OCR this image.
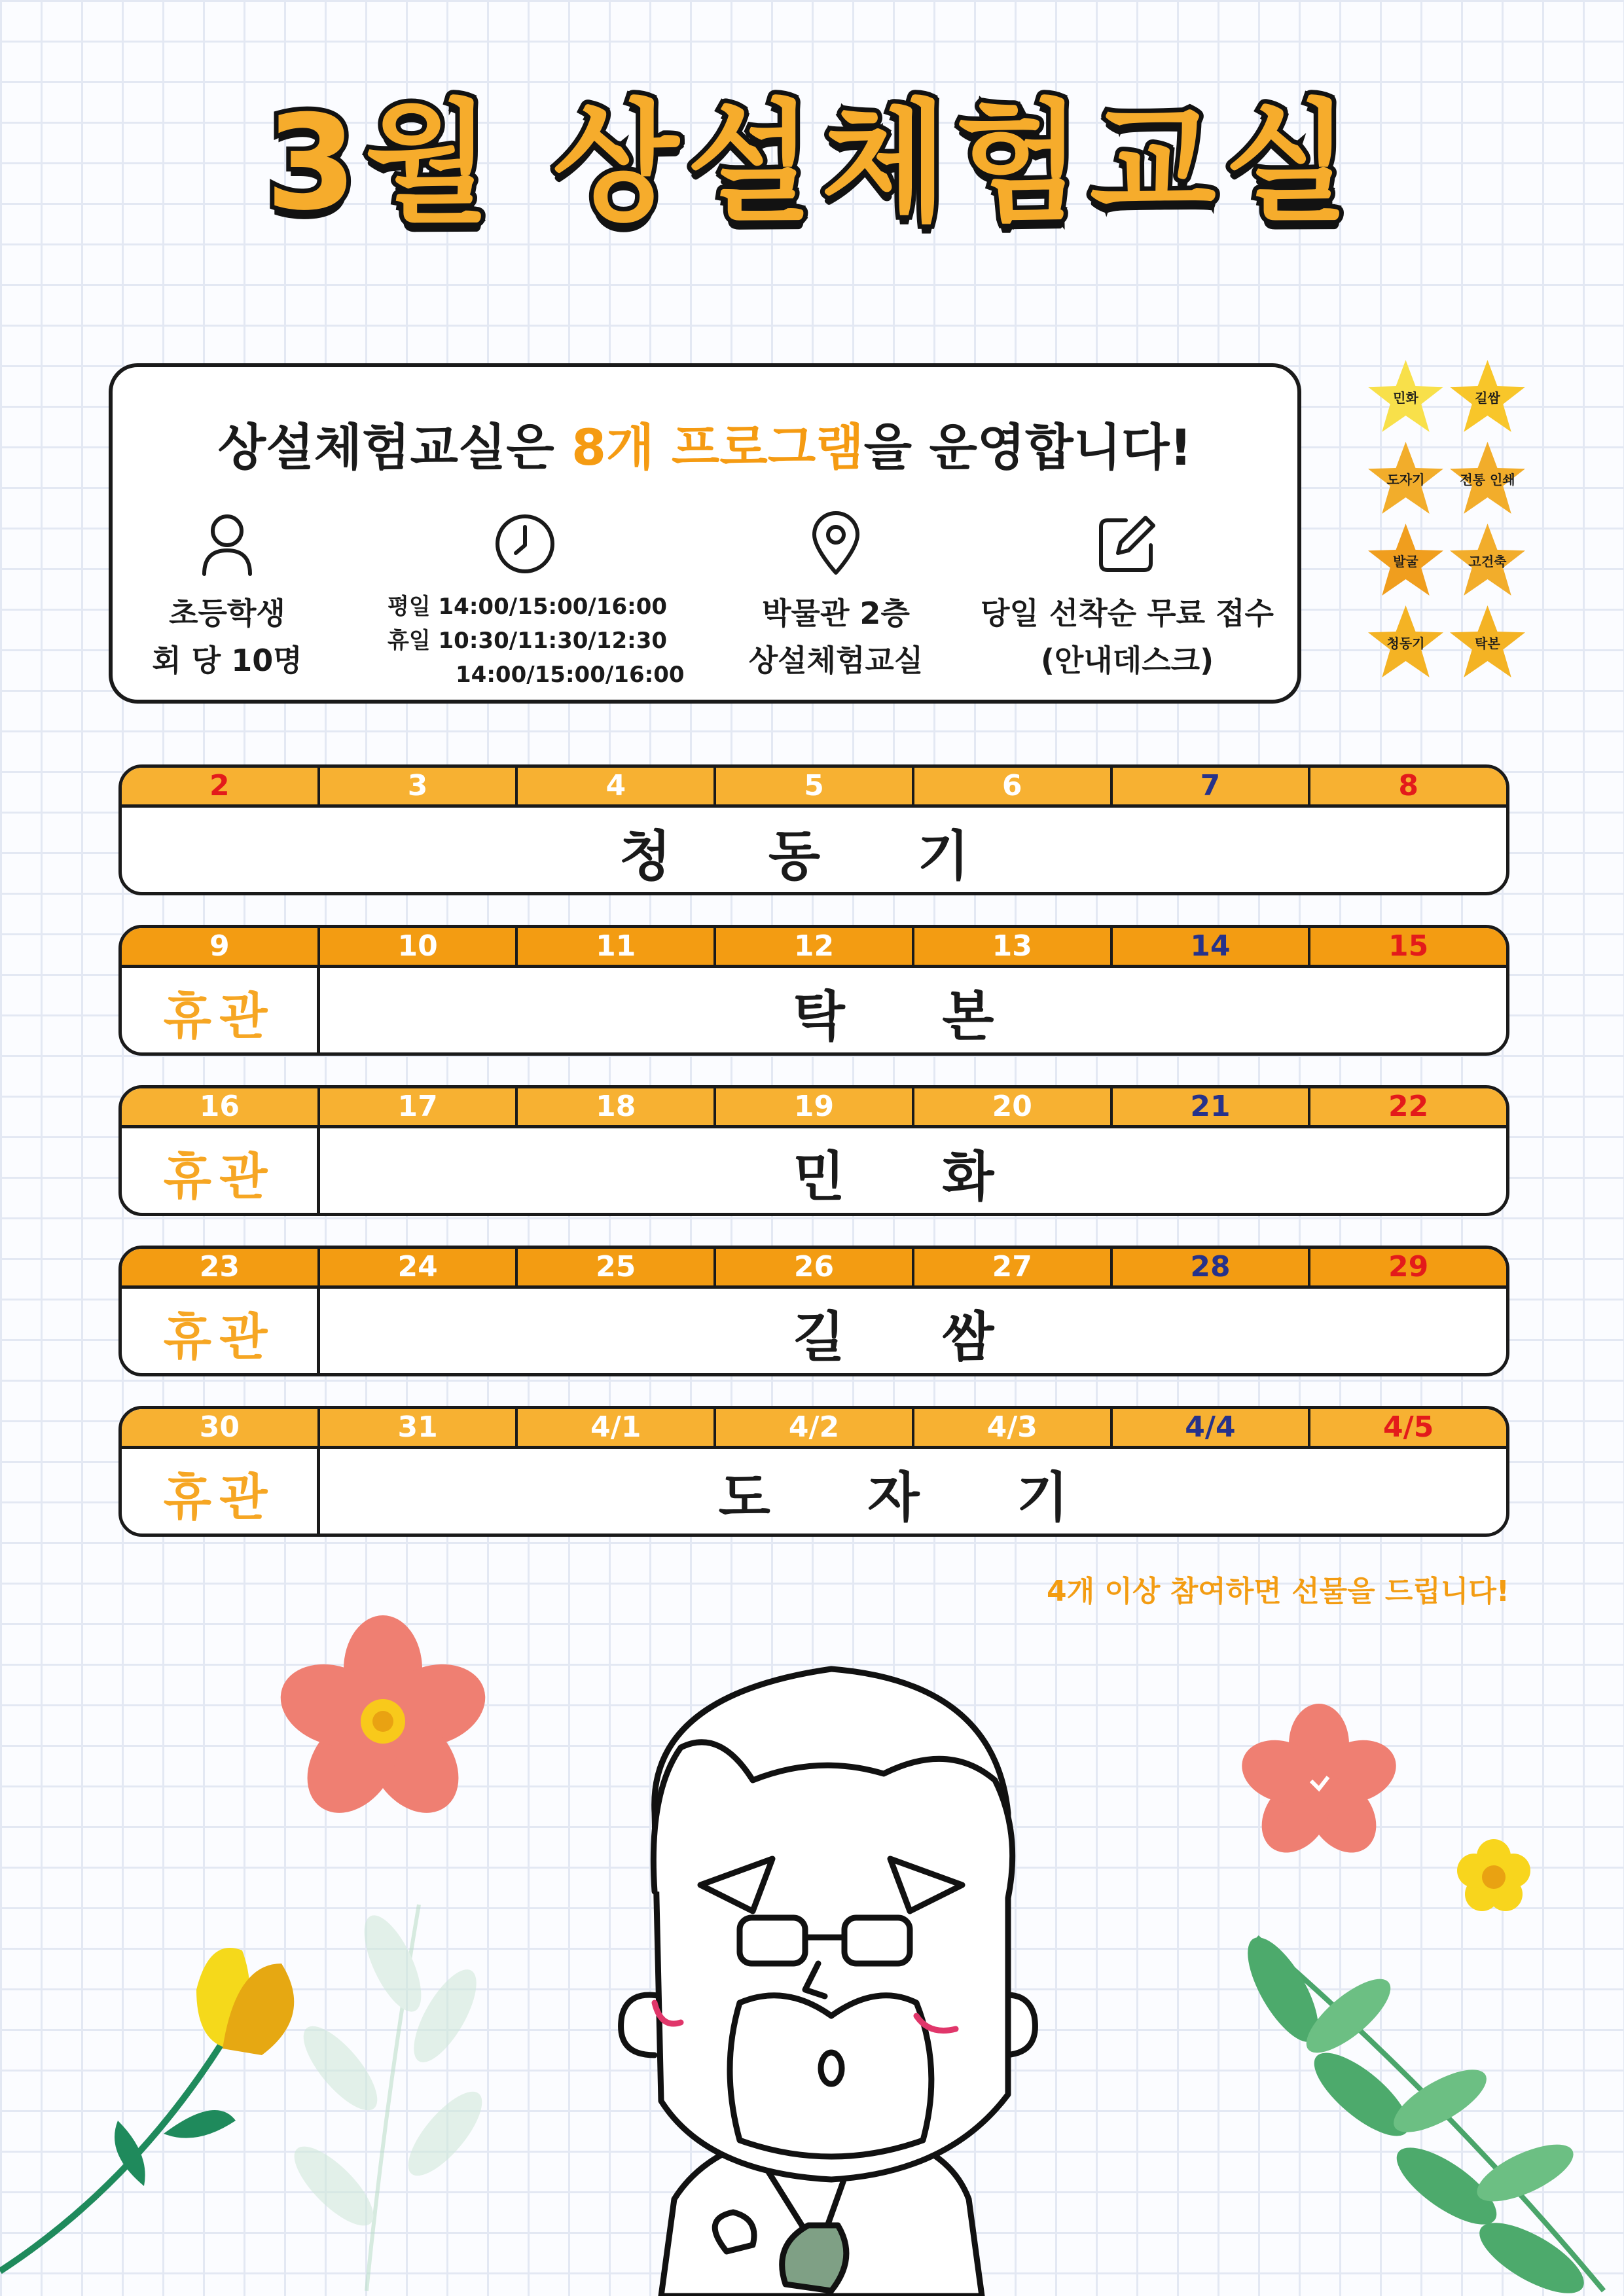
3월 상설체험교실
상설체험교실은 8개 프로그램을 운영합니다!
초등학생
회 당 10명
평일 14:00/15:00/16:00
휴일 10:30/11:30/12:30
14:00/15:00/16:00
박물관 2층
상설체험교실
당일 선착순 무료 접수
(안내데스크)
민화	길쌈
도자기	전통 인쇄
발굴	고건축
청동기	탁본
2	3	4	5	6	7	8
청 동 기
9	10	11	12	13	14	15
휴관	탁 본
16	17	18	19	20	21	22
휴관	민 화
23	24	25	26	27	28	29
휴관	길 쌈
30	31	4/1	4/2	4/3	4/4	4/5
휴관	도 자 기
4개 이상 참여하면 선물을 드립니다!
